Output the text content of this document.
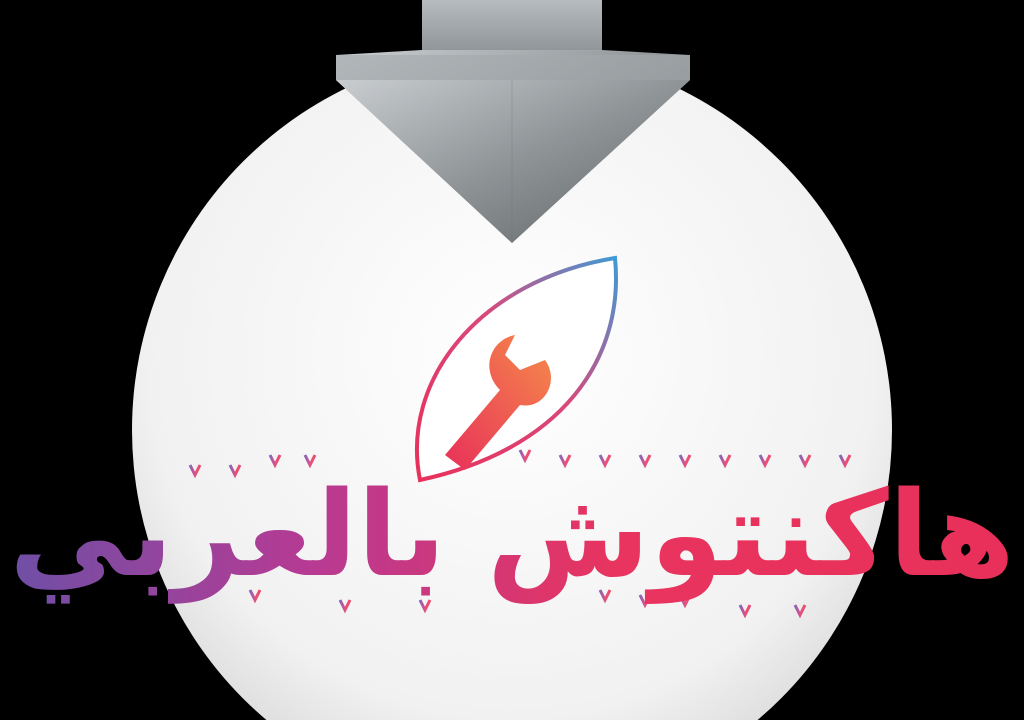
هاكنتوش بالعربي
